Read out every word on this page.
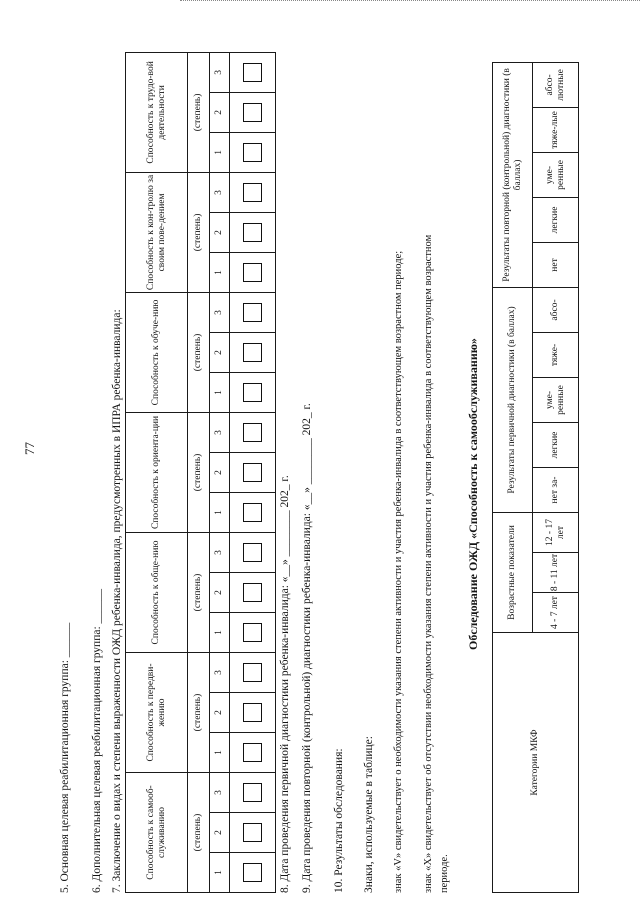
77
5. Основная целевая реабилитационная группа: ______ 6. Дополнительная целевая реабилитационная группа: ______ 7. Заключение о видах и степени выраженности ОЖД ребенка-инвалида, предусмотренных в ИПРА ребенка-инвалида: Способность к самооб-служиванию			Способность к передви-жению			Способность к обще-нию			Способность к ориента-ции			Способность к обуче-нию			Способность к кон-тролю за своим пове-дением			Способность к трудо-вой деятельности		
(степень)			(степень)			(степень)			(степень)			(степень)			(степень)			(степень)		
1	2	3	1	2	3	1	2	3	1	2	3	1	2	3	1	2	3	1	2	3

8. Дата проведения первичной диагностики ребенка-инвалида: «__» ________ 202_ г. 9. Дата проведения повторной (контрольной) диагностики ребенка-инвалида: «__» ________ 202_ г. 10. Результаты обследования: Знаки, используемые в таблице: знак «V» свидетельствует о необходимости указания степени активности и участия ребенка-инвалида в соответствующем возрастном периоде; знак «X» свидетельствует об отсутствии необходимости указания степени активности и участия ребенка-инвалида в соответствующем возрастном периоде.
Обследование ОЖД «Способность к самообслуживанию»
Категории МКФ	Возрастные показатели			Результаты первичной диагностики (в баллах)					Результаты повторной (контрольной) диагностики (в баллах)				
	4 - 7 лет	8 - 11 лет	12 - 17 лет	нет за-	легкие	уме-ренные	тяже-	абсо-	нет	легкие	уме-ренные	тяже-лые	абсо-лютные
